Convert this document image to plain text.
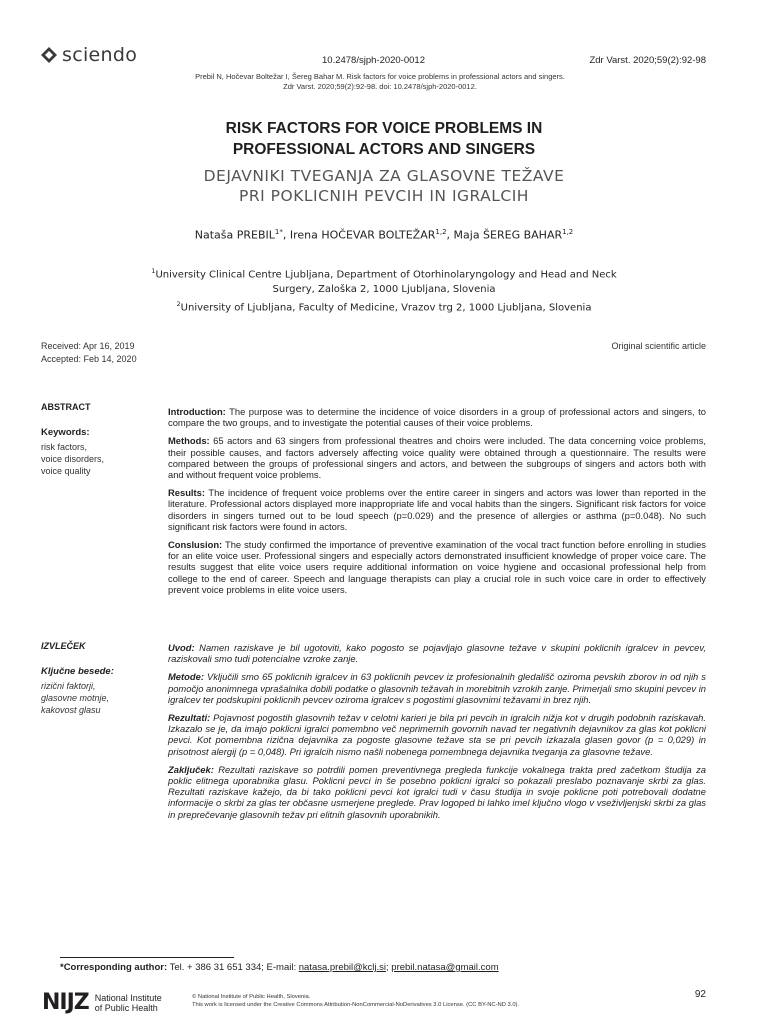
sciendo	10.2478/sjph-2020-0012	Zdr Varst. 2020;59(2):92-98
Prebil N, Hočevar Boltežar I, Šereg Bahar M. Risk factors for voice problems in professional actors and singers.
Zdr Varst. 2020;59(2):92-98. doi: 10.2478/sjph-2020-0012.
RISK FACTORS FOR VOICE PROBLEMS IN
PROFESSIONAL ACTORS AND SINGERS
DEJAVNIKI TVEGANJA ZA GLASOVNE TEŽAVE
PRI POKLICNIH PEVCIH IN IGRALCIH
Nataša $PREBIL^{1*}$, Irena HOČEVAR BOLTEŽAR$^{1,2}$, Maja ŠEREG BAHAR$^{1,2}$
$^1$University Clinical Centre Ljubljana, Department of Otorhinolaryngology and Head and Neck
Surgery, Zaloška 2, 1000 Ljubljana, Slovenia
$^2$University of Ljubljana, Faculty of Medicine, Vrazov trg 2, 1000 Ljubljana, Slovenia
Received: Apr 16, 2019
Accepted: Feb 14, 2020
Original scientific article
ABSTRACT
Keywords:
risk factors,
voice disorders,
voice quality

Introduction: The purpose was to determine the incidence of voice disorders in a group of professional actors and singers, to compare the two groups, and to investigate the potential causes of their voice problems.

Methods: 65 actors and 63 singers from professional theatres and choirs were included. The data concerning voice problems, their possible causes, and factors adversely affecting voice quality were obtained through a questionnaire. The results were compared between the groups of professional singers and actors, and between the subgroups of singers and actors both with and without frequent voice problems.

Results: The incidence of frequent voice problems over the entire career in singers and actors was lower than reported in the literature. Professional actors displayed more inappropriate life and vocal habits than the singers. Significant risk factors for voice disorders in singers turned out to be loud speech (p=0.029) and the presence of allergies or asthma (p=0.048). No such significant risk factors were found in actors.

Conslusion: The study confirmed the importance of preventive examination of the vocal tract function before enrolling in studies for an elite voice user. Professional singers and especially actors demonstrated insufficient knowledge of proper voice care. The results suggest that elite voice users require additional information on voice hygiene and occasional professional help from college to the end of career. Speech and language therapists can play a crucial role in such voice care in order to effectively prevent voice problems in elite voice users.

IZVLEČEK
Ključne besede:
rizični faktorji,
glasovne motnje,
kakovost glasu

Uvod: Namen raziskave je bil ugotoviti, kako pogosto se pojavljajo glasovne težave v skupini poklicnih igralcev in pevcev, raziskovali smo tudi potencialne vzroke zanje.

Metode: Vključili smo 65 poklicnih igralcev in 63 poklicnih pevcev iz profesionalnih gledališč oziroma pevskih zborov in od njih s pomočjo anonimnega vprašalnika dobili podatke o glasovnih težavah in morebitnih vzrokih zanje. Primerjali smo skupini pevcev in igralcev ter podskupini poklicnih pevcev oziroma igralcev s pogostimi glasovnimi težavami in brez njih.

Rezultati: Pojavnost pogostih glasovnih težav v celotni karieri je bila pri pevcih in igralcih nižja kot v drugih podobnih raziskavah. Izkazalo se je, da imajo poklicni igralci pomembno več neprimernih govornih navad ter negativnih dejavnikov za glas kot poklicni pevci. Kot pomembna rizična dejavnika za pogoste glasovne težave sta se pri pevcih izkazala glasen govor (p = 0,029) in prisotnost alergij (p = 0,048). Pri igralcih nismo našli nobenega pomembnega dejavnika tveganja za glasovne težave.

Zaključek: Rezultati raziskave so potrdili pomen preventivnega pregleda funkcije vokalnega trakta pred začetkom študija za poklic elitnega uporabnika glasu. Poklicni pevci in še posebno poklicni igralci so pokazali preslabo poznavanje skrbi za glas. Rezultati raziskave kažejo, da bi tako poklicni pevci kot igralci tudi v času študija in svoje poklicne poti potrebovali dodatne informacije o skrbi za glas ter občasne usmerjene preglede. Prav logoped bi lahko imel ključno vlogo v vseživljenjski skrbi za glas in preprečevanje glasovnih težav pri elitnih glasovnih uporabnikih.

*Corresponding author: Tel. + 386 31 651 334; E-mail: natasa.prebil@kclj.si; prebil.natasa@gmail.com
NIJZ National Institute
of Public Health
© National Institute of Public Health, Slovenia.
This work is licensed under the Creative Commons Attribution-NonCommercial-NoDerivatives 3.0 License. (CC BY-NC-ND 3.0).
92
